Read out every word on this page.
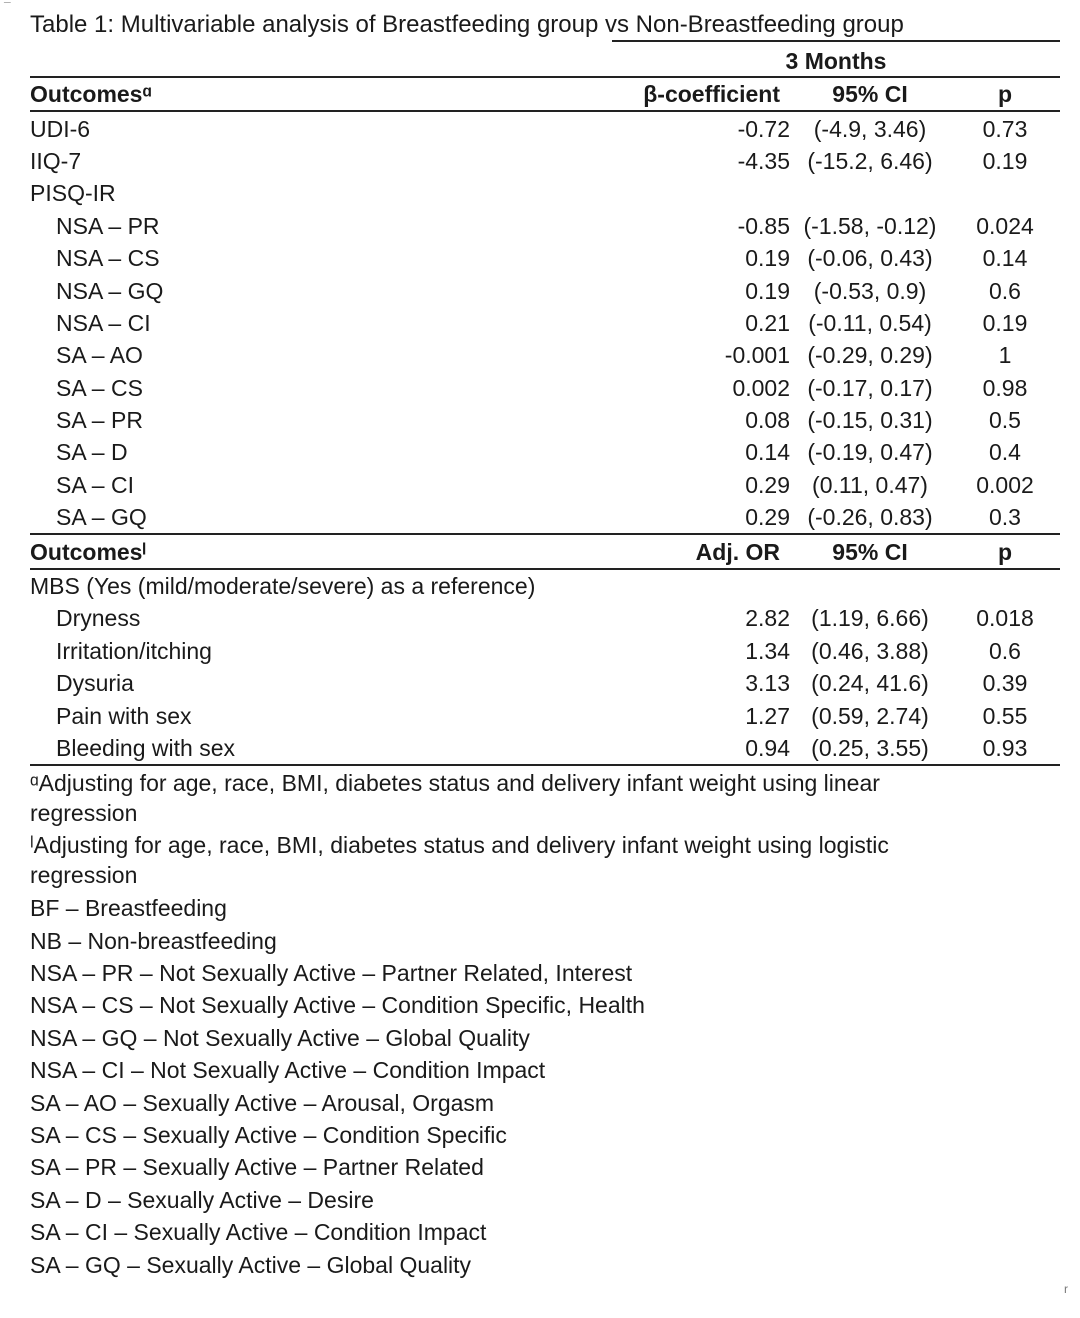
¯
r
Table 1: Multivariable analysis of Breastfeeding group vs Non-Breastfeeding group
3 Months
Outcomesᵅ	β-coefficient	95% CI	p
UDI-6	-0.72	(-4.9, 3.46)	0.73
IIQ-7	-4.35	(-15.2, 6.46)	0.19
PISQ-IR			
NSA – PR	-0.85	(-1.58, -0.12)	0.024
NSA – CS	0.19	(-0.06, 0.43)	0.14
NSA – GQ	0.19	(-0.53, 0.9)	0.6
NSA – CI	0.21	(-0.11, 0.54)	0.19
SA – AO	-0.001	(-0.29, 0.29)	1
SA – CS	0.002	(-0.17, 0.17)	0.98
SA – PR	0.08	(-0.15, 0.31)	0.5
SA – D	0.14	(-0.19, 0.47)	0.4
SA – CI	0.29	(0.11, 0.47)	0.002
SA – GQ	0.29	(-0.26, 0.83)	0.3
Outcomesˡ	Adj. OR	95% CI	p
MBS (Yes (mild/moderate/severe) as a reference)			
Dryness	2.82	(1.19, 6.66)	0.018
Irritation/itching	1.34	(0.46, 3.88)	0.6
Dysuria	3.13	(0.24, 41.6)	0.39
Pain with sex	1.27	(0.59, 2.74)	0.55
Bleeding with sex	0.94	(0.25, 3.55)	0.93
ᵅAdjusting for age, race, BMI, diabetes status and delivery infant weight using linear regression
ˡAdjusting for age, race, BMI, diabetes status and delivery infant weight using logistic regression
BF – Breastfeeding
NB – Non-breastfeeding
NSA – PR – Not Sexually Active – Partner Related, Interest
NSA – CS – Not Sexually Active – Condition Specific, Health
NSA – GQ – Not Sexually Active – Global Quality
NSA – CI – Not Sexually Active – Condition Impact
SA – AO – Sexually Active – Arousal, Orgasm
SA – CS – Sexually Active – Condition Specific
SA – PR – Sexually Active – Partner Related
SA – D – Sexually Active – Desire
SA – CI – Sexually Active – Condition Impact
SA – GQ – Sexually Active – Global Quality
